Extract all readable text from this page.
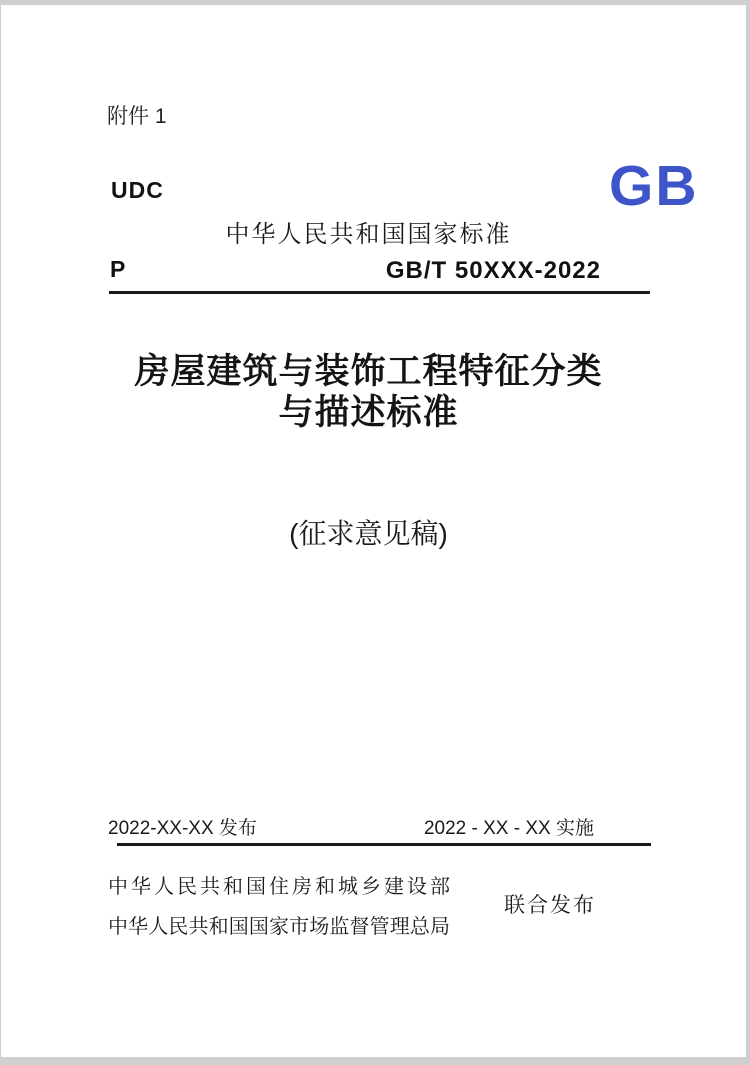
附件 1
UDC	GB
中华人民共和国国家标准
P	GB/T 50XXX-2022
房屋建筑与装饰工程特征分类
与描述标准
(征求意见稿)
2022-XX-XX 发布	2022 - XX - XX 实施
中华人民共和国住房和城乡建设部
中华人民共和国国家市场监督管理总局
联合发布
